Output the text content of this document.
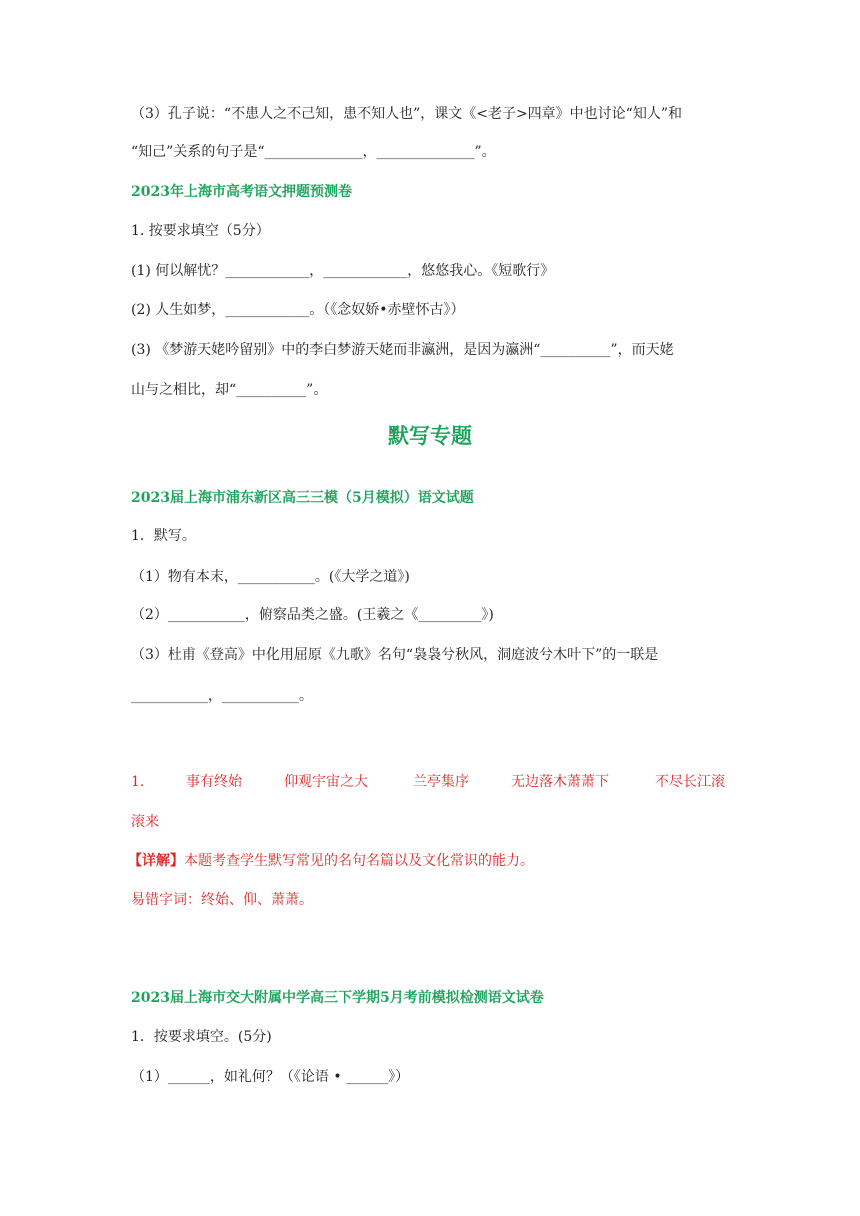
（3）孔子说：“不患人之不己知，患不知人也”，课文《<老子>四章》中也讨论“知人”和
“知己”关系的句子是“______________，______________”。
2023年上海市高考语文押题预测卷
1. 按要求填空（5分）
(1) 何以解忧？____________，____________，悠悠我心。《短歌行》
(2) 人生如梦，____________。（《念奴娇•赤壁怀古》）
(3) 《梦游天姥吟留别》中的李白梦游天姥而非瀛洲，是因为瀛洲“__________”，而天姥
山与之相比，却“__________”。
默写专题
2023届上海市浦东新区高三三模（5月模拟）语文试题
1．默写。
（1）物有本末，___________。(《大学之道》)
（2）___________，俯察品类之盛。(王羲之《_________》)
（3）杜甫《登高》中化用屈原《九歌》名句“袅袅兮秋风，洞庭波兮木叶下”的一联是
___________，___________。
1.	事有终始	仰观宇宙之大	兰亭集序	无边落木萧萧下	不尽长江滚
滚来
【详解】本题考查学生默写常见的名句名篇以及文化常识的能力。
易错字词：终始、仰、萧萧。
2023届上海市交大附属中学高三下学期5月考前模拟检测语文试卷
1．按要求填空。(5分)
（1）______，如礼何？（《论语 • ______》）
